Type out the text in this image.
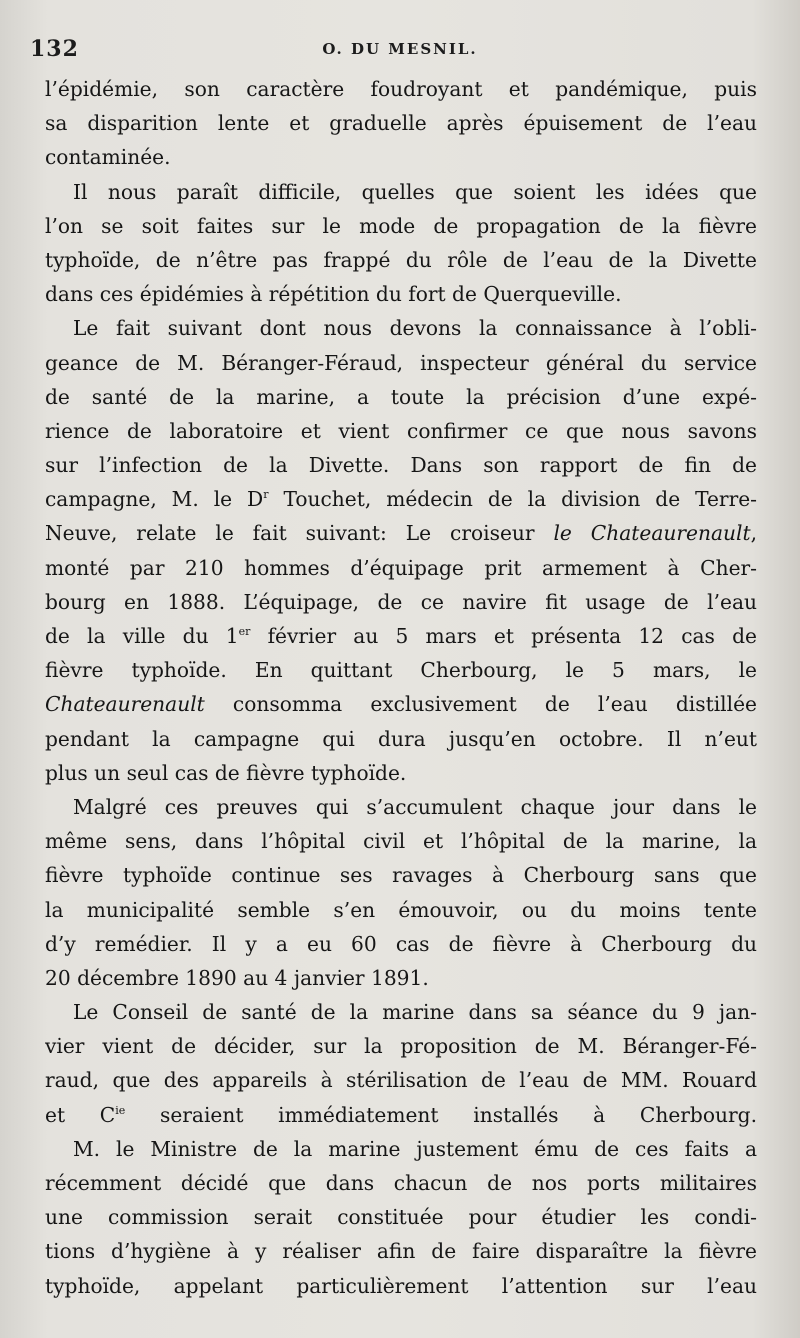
132	O. DU MESNIL.
l’épidémie, son caractère foudroyant et pandémique, puis
sa disparition lente et graduelle après épuisement de l’eau
contaminée.
Il nous paraît difficile, quelles que soient les idées que
l’on se soit faites sur le mode de propagation de la fièvre
typhoïde, de n’être pas frappé du rôle de l’eau de la Divette
dans ces épidémies à répétition du fort de Querqueville.
Le fait suivant dont nous devons la connaissance à l’obli-
geance de M. Béranger-Féraud, inspecteur général du service
de santé de la marine, a toute la précision d’une expé-
rience de laboratoire et vient confirmer ce que nous savons
sur l’infection de la Divette. Dans son rapport de fin de
campagne, M. le $D^r$ Touchet, médecin de la division de Terre-
Neuve, relate le fait suivant: Le croiseur le Chateaurenault,
monté par 210 hommes d’équipage prit armement à Cher-
bourg en 1888. L’équipage, de ce navire fit usage de l’eau
de la ville du 1er février au 5 mars et présenta 12 cas de
fièvre typhoïde. En quittant Cherbourg, le 5 mars, le
Chateaurenault consomma exclusivement de l’eau distillée
pendant la campagne qui dura jusqu’en octobre. Il n’eut
plus un seul cas de fièvre typhoïde.
Malgré ces preuves qui s’accumulent chaque jour dans le
même sens, dans l’hôpital civil et l’hôpital de la marine, la
fièvre typhoïde continue ses ravages à Cherbourg sans que
la municipalité semble s’en émouvoir, ou du moins tente
d’y remédier. Il y a eu 60 cas de fièvre à Cherbourg du
20 décembre 1890 au 4 janvier 1891.
Le Conseil de santé de la marine dans sa séance du 9 jan-
vier vient de décider, sur la proposition de M. Béranger-Fé-
raud, que des appareils à stérilisation de l’eau de MM. Rouard
et $C^{ie}$ seraient immédiatement installés à Cherbourg.
M. le Ministre de la marine justement ému de ces faits a
récemment décidé que dans chacun de nos ports militaires
une commission serait constituée pour étudier les condi-
tions d’hygiène à y réaliser afin de faire disparaître la fièvre
typhoïde, appelant particulièrement l’attention sur l’eau
